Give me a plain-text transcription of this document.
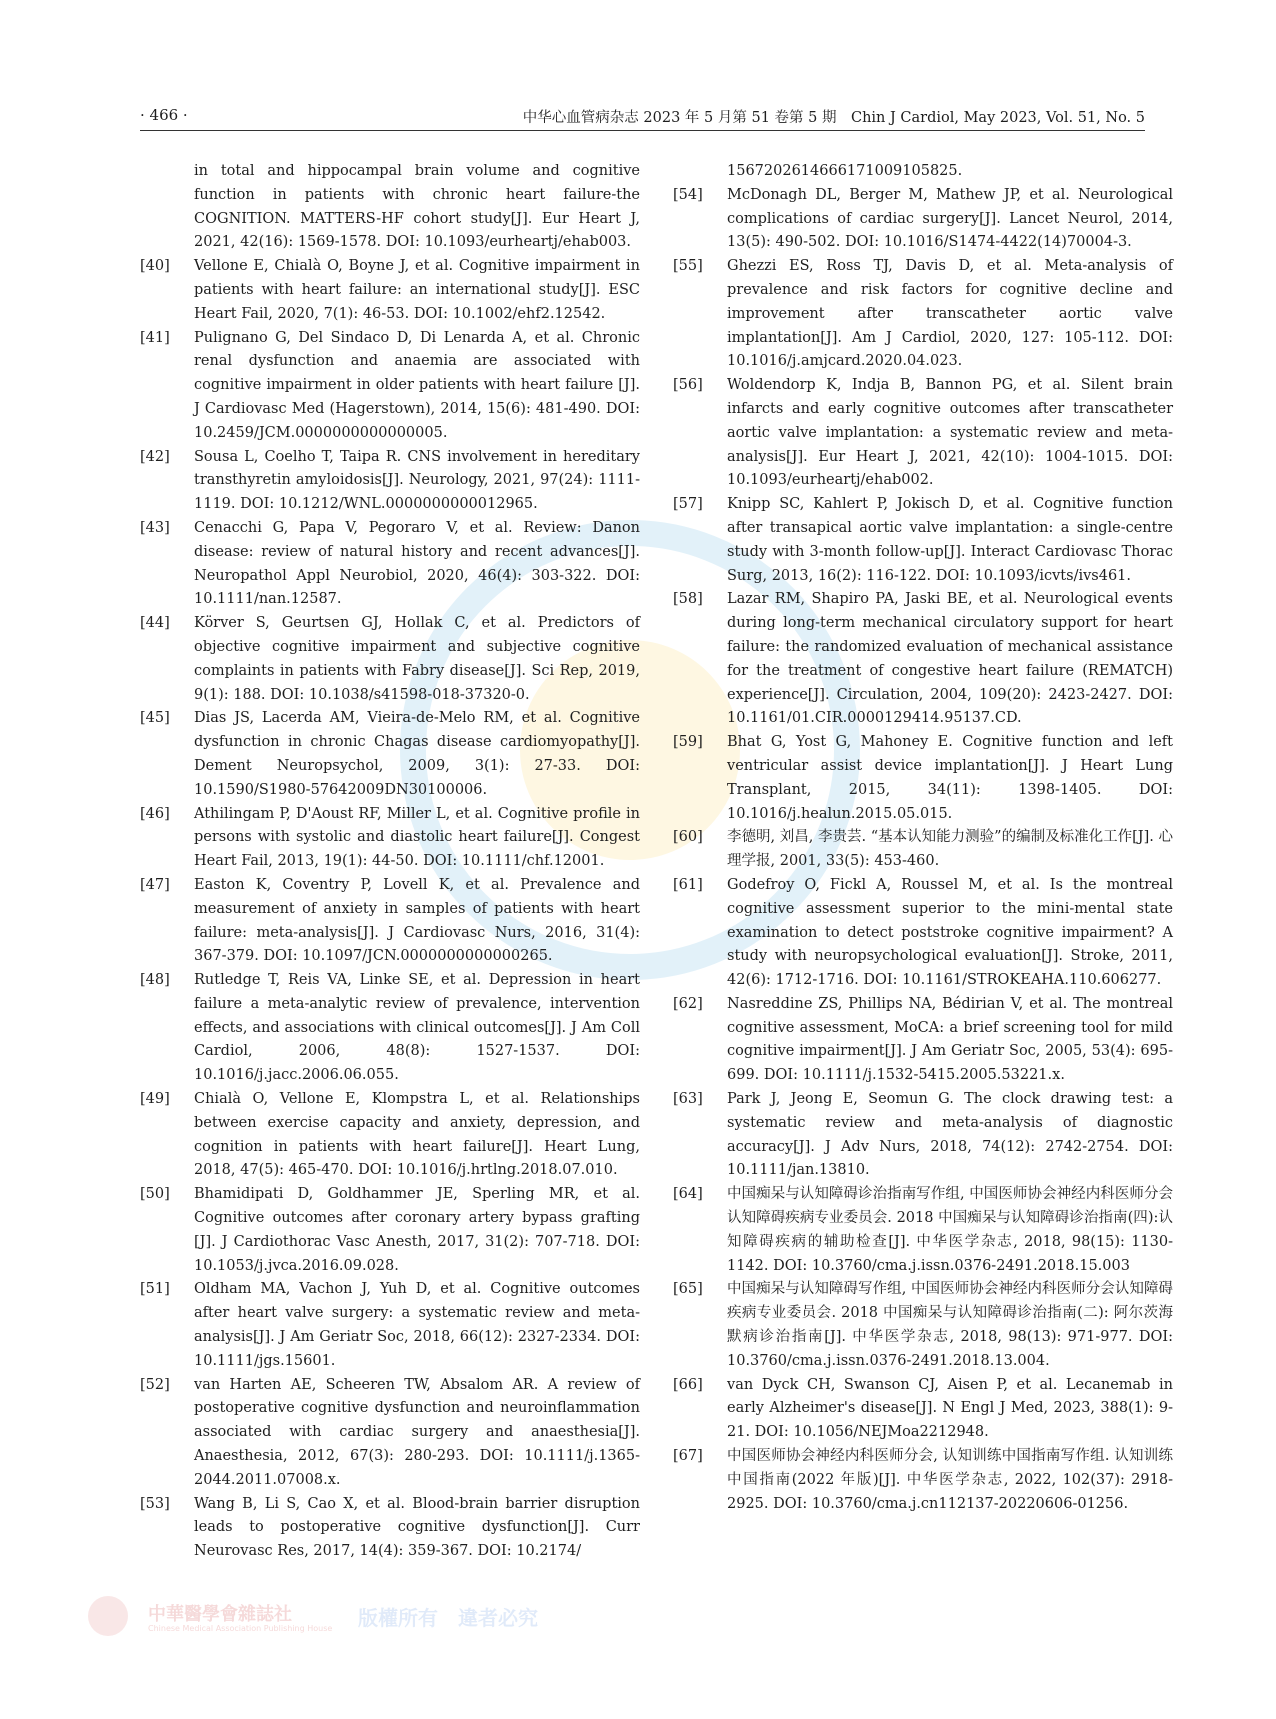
· 466 ·	中华心血管病杂志 2023 年 5 月第 51 卷第 5 期　Chin J Cardiol, May 2023, Vol. 51, No. 5

in total and hippocampal brain volume and cognitive function in patients with chronic heart failure-the COGNITION. MATTERS-HF cohort study[J]. Eur Heart J, 2021, 42(16): 1569-1578. DOI: 10.1093/eurheartj/ehab003.

[40] Vellone E, Chialà O, Boyne J, et al. Cognitive impairment in patients with heart failure: an international study[J]. ESC Heart Fail, 2020, 7(1): 46-53. DOI: 10.1002/ehf2.12542.

[41] Pulignano G, Del Sindaco D, Di Lenarda A, et al. Chronic renal dysfunction and anaemia are associated with cognitive impairment in older patients with heart failure [J]. J Cardiovasc Med (Hagerstown), 2014, 15(6): 481-490. DOI: 10.2459/JCM.0000000000000005.

[42] Sousa L, Coelho T, Taipa R. CNS involvement in hereditary transthyretin amyloidosis[J]. Neurology, 2021, 97(24): 1111-1119. DOI: 10.1212/WNL.0000000000012965.

[43] Cenacchi G, Papa V, Pegoraro V, et al. Review: Danon disease: review of natural history and recent advances[J]. Neuropathol Appl Neurobiol, 2020, 46(4): 303-322. DOI: 10.1111/nan.12587.

[44] Körver S, Geurtsen GJ, Hollak C, et al. Predictors of objective cognitive impairment and subjective cognitive complaints in patients with Fabry disease[J]. Sci Rep, 2019, 9(1): 188. DOI: 10.1038/s41598-018-37320-0.

[45] Dias JS, Lacerda AM, Vieira-de-Melo RM, et al. Cognitive dysfunction in chronic Chagas disease cardiomyopathy[J]. Dement Neuropsychol, 2009, 3(1): 27-33. DOI: 10.1590/S1980-57642009DN30100006.

[46] Athilingam P, D'Aoust RF, Miller L, et al. Cognitive profile in persons with systolic and diastolic heart failure[J]. Congest Heart Fail, 2013, 19(1): 44-50. DOI: 10.1111/chf.12001.

[47] Easton K, Coventry P, Lovell K, et al. Prevalence and measurement of anxiety in samples of patients with heart failure: meta-analysis[J]. J Cardiovasc Nurs, 2016, 31(4): 367-379. DOI: 10.1097/JCN.0000000000000265.

[48] Rutledge T, Reis VA, Linke SE, et al. Depression in heart failure a meta-analytic review of prevalence, intervention effects, and associations with clinical outcomes[J]. J Am Coll Cardiol, 2006, 48(8): 1527-1537. DOI: 10.1016/j.jacc.2006.06.055.

[49] Chialà O, Vellone E, Klompstra L, et al. Relationships between exercise capacity and anxiety, depression, and cognition in patients with heart failure[J]. Heart Lung, 2018, 47(5): 465-470. DOI: 10.1016/j.hrtlng.2018.07.010.

[50] Bhamidipati D, Goldhammer JE, Sperling MR, et al. Cognitive outcomes after coronary artery bypass grafting [J]. J Cardiothorac Vasc Anesth, 2017, 31(2): 707-718. DOI: 10.1053/j.jvca.2016.09.028.

[51] Oldham MA, Vachon J, Yuh D, et al. Cognitive outcomes after heart valve surgery: a systematic review and meta-analysis[J]. J Am Geriatr Soc, 2018, 66(12): 2327-2334. DOI: 10.1111/jgs.15601.

[52] van Harten AE, Scheeren TW, Absalom AR. A review of postoperative cognitive dysfunction and neuroinflammation associated with cardiac surgery and anaesthesia[J]. Anaesthesia, 2012, 67(3): 280-293. DOI: 10.1111/j.1365-2044.2011.07008.x.

[53] Wang B, Li S, Cao X, et al. Blood-brain barrier disruption leads to postoperative cognitive dysfunction[J]. Curr Neurovasc Res, 2017, 14(4): 359-367. DOI: 10.2174/

1567202614666171009105825.

[54] McDonagh DL, Berger M, Mathew JP, et al. Neurological complications of cardiac surgery[J]. Lancet Neurol, 2014, 13(5): 490-502. DOI: 10.1016/S1474-4422(14)70004-3.

[55] Ghezzi ES, Ross TJ, Davis D, et al. Meta-analysis of prevalence and risk factors for cognitive decline and improvement after transcatheter aortic valve implantation[J]. Am J Cardiol, 2020, 127: 105-112. DOI: 10.1016/j.amjcard.2020.04.023.

[56] Woldendorp K, Indja B, Bannon PG, et al. Silent brain infarcts and early cognitive outcomes after transcatheter aortic valve implantation: a systematic review and meta-analysis[J]. Eur Heart J, 2021, 42(10): 1004-1015. DOI: 10.1093/eurheartj/ehab002.

[57] Knipp SC, Kahlert P, Jokisch D, et al. Cognitive function after transapical aortic valve implantation: a single-centre study with 3-month follow-up[J]. Interact Cardiovasc Thorac Surg, 2013, 16(2): 116-122. DOI: 10.1093/icvts/ivs461.

[58] Lazar RM, Shapiro PA, Jaski BE, et al. Neurological events during long-term mechanical circulatory support for heart failure: the randomized evaluation of mechanical assistance for the treatment of congestive heart failure (REMATCH) experience[J]. Circulation, 2004, 109(20): 2423-2427. DOI: 10.1161/01.CIR.0000129414.95137.CD.

[59] Bhat G, Yost G, Mahoney E. Cognitive function and left ventricular assist device implantation[J]. J Heart Lung Transplant, 2015, 34(11): 1398-1405. DOI: 10.1016/j.healun.2015.05.015.

[60] 李德明, 刘昌, 李贵芸. “基本认知能力测验”的编制及标准化工作[J]. 心理学报, 2001, 33(5): 453-460.

[61] Godefroy O, Fickl A, Roussel M, et al. Is the montreal cognitive assessment superior to the mini-mental state examination to detect poststroke cognitive impairment? A study with neuropsychological evaluation[J]. Stroke, 2011, 42(6): 1712-1716. DOI: 10.1161/STROKEAHA.110.606277.

[62] Nasreddine ZS, Phillips NA, Bédirian V, et al. The montreal cognitive assessment, MoCA: a brief screening tool for mild cognitive impairment[J]. J Am Geriatr Soc, 2005, 53(4): 695-699. DOI: 10.1111/j.1532-5415.2005.53221.x.

[63] Park J, Jeong E, Seomun G. The clock drawing test: a systematic review and meta-analysis of diagnostic accuracy[J]. J Adv Nurs, 2018, 74(12): 2742-2754. DOI: 10.1111/jan.13810.

[64] 中国痴呆与认知障碍诊治指南写作组, 中国医师协会神经内科医师分会认知障碍疾病专业委员会. 2018 中国痴呆与认知障碍诊治指南(四):认知障碍疾病的辅助检查[J]. 中华医学杂志, 2018, 98(15): 1130-1142. DOI: 10.3760/cma.j.issn.0376-2491.2018.15.003

[65] 中国痴呆与认知障碍写作组, 中国医师协会神经内科医师分会认知障碍疾病专业委员会. 2018 中国痴呆与认知障碍诊治指南(二): 阿尔茨海默病诊治指南[J]. 中华医学杂志, 2018, 98(13): 971-977. DOI: 10.3760/cma.j.issn.0376-2491.2018.13.004.

[66] van Dyck CH, Swanson CJ, Aisen P, et al. Lecanemab in early Alzheimer's disease[J]. N Engl J Med, 2023, 388(1): 9-21. DOI: 10.1056/NEJMoa2212948.

[67] 中国医师协会神经内科医师分会, 认知训练中国指南写作组. 认知训练中国指南(2022 年版)[J]. 中华医学杂志, 2022, 102(37): 2918-2925. DOI: 10.3760/cma.j.cn112137-20220606-01256.

中華醫學會雜誌社
Chinese Medical Association Publishing House 版權所有　違者必究
